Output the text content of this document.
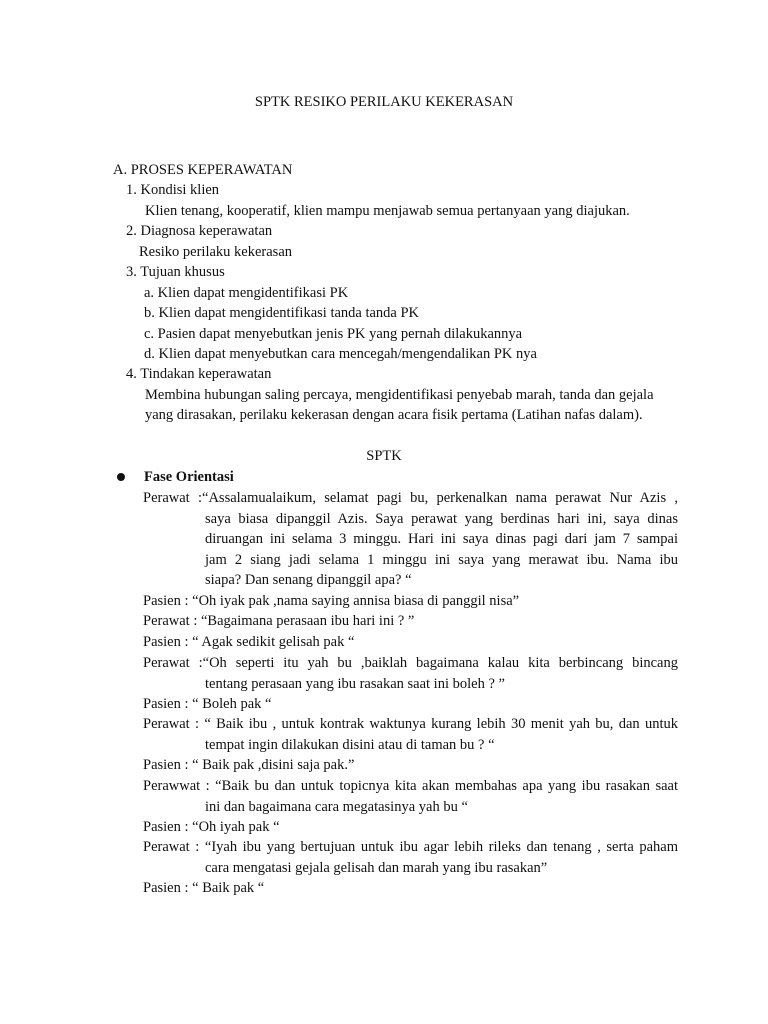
SPTK RESIKO PERILAKU KEKERASAN
A. PROSES KEPERAWATAN
1. Kondisi klien
Klien tenang, kooperatif, klien mampu menjawab semua pertanyaan yang diajukan.
2. Diagnosa keperawatan
Resiko perilaku kekerasan
3. Tujuan khusus
a. Klien dapat mengidentifikasi PK
b. Klien dapat mengidentifikasi tanda tanda PK
c. Pasien dapat menyebutkan jenis PK yang pernah dilakukannya
d. Klien dapat menyebutkan cara mencegah/mengendalikan PK nya
4. Tindakan keperawatan
Membina hubungan saling percaya, mengidentifikasi penyebab marah, tanda dan gejala
yang dirasakan, perilaku kekerasan dengan acara fisik pertama (Latihan nafas dalam).
SPTK
Fase Orientasi
Perawat :“Assalamualaikum, selamat pagi bu, perkenalkan nama perawat Nur Azis ,
saya biasa dipanggil Azis. Saya perawat yang berdinas hari ini, saya dinas
diruangan ini selama 3 minggu. Hari ini saya dinas pagi dari jam 7 sampai
jam 2 siang jadi selama 1 minggu ini saya yang merawat ibu. Nama ibu
siapa? Dan senang dipanggil apa? “
Pasien : “Oh iyak pak ,nama saying annisa biasa di panggil nisa”
Perawat : “Bagaimana perasaan ibu hari ini ? ”
Pasien : “ Agak sedikit gelisah pak “
Perawat :“Oh seperti itu yah bu ,baiklah bagaimana kalau kita berbincang bincang
tentang perasaan yang ibu rasakan saat ini boleh ? ”
Pasien : “ Boleh pak “
Perawat : “ Baik ibu , untuk kontrak waktunya kurang lebih 30 menit yah bu, dan untuk
tempat ingin dilakukan disini atau di taman bu ? “
Pasien : “ Baik pak ,disini saja pak.”
Perawwat : “Baik bu dan untuk topicnya kita akan membahas apa yang ibu rasakan saat
ini dan bagaimana cara megatasinya yah bu “
Pasien : “Oh iyah pak “
Perawat : “Iyah ibu yang bertujuan untuk ibu agar lebih rileks dan tenang , serta paham
cara mengatasi gejala gelisah dan marah yang ibu rasakan”
Pasien : “ Baik pak “
